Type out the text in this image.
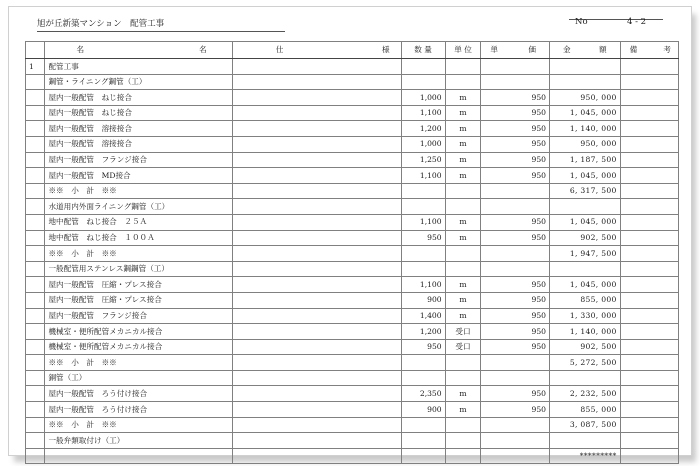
旭が丘新築マンション　配管工事	No	4 - 2

	名 名	仕 様	数 量	単 位	単 価	金 額	備 考

1	配管工事						
	鋼管・ライニング鋼管（工）						
	屋内一般配管　ねじ接合		1,000	m	950	950, 000	
	屋内一般配管　ねじ接合		1,100	m	950	1, 045, 000	
	屋内一般配管　溶接接合		1,200	m	950	1, 140, 000	
	屋内一般配管　溶接接合		1,000	m	950	950, 000	
	屋内一般配管　フランジ接合		1,250	m	950	1, 187, 500	
	屋内一般配管　MD接合		1,100	m	950	1, 045, 000	
	※※　小　計　※※					6, 317, 500	
	水道用内外面ライニング鋼管（工）						
	地中配管　ねじ接合　２５Ａ		1,100	m	950	1, 045, 000	
	地中配管　ねじ接合　１００Ａ		950	m	950	902, 500	
	※※　小　計　※※					1, 947, 500	
	一般配管用ステンレス鋼鋼管（工）						
	屋内一般配管　圧縮・プレス接合		1,100	m	950	1, 045, 000	
	屋内一般配管　圧縮・プレス接合		900	m	950	855, 000	
	屋内一般配管　フランジ接合		1,400	m	950	1, 330, 000	
	機械室・便所配管メカニカル接合		1,200	受口	950	1, 140, 000	
	機械室・便所配管メカニカル接合		950	受口	950	902, 500	
	※※　小　計　※※					5, 272, 500	
	銅管（工）						
	屋内一般配管　ろう付け接合		2,350	m	950	2, 232, 500	
	屋内一般配管　ろう付け接合		900	m	950	855, 000	
	※※　小　計　※※					3, 087, 500	
	一般弁類取付け（工）						
						*********	
